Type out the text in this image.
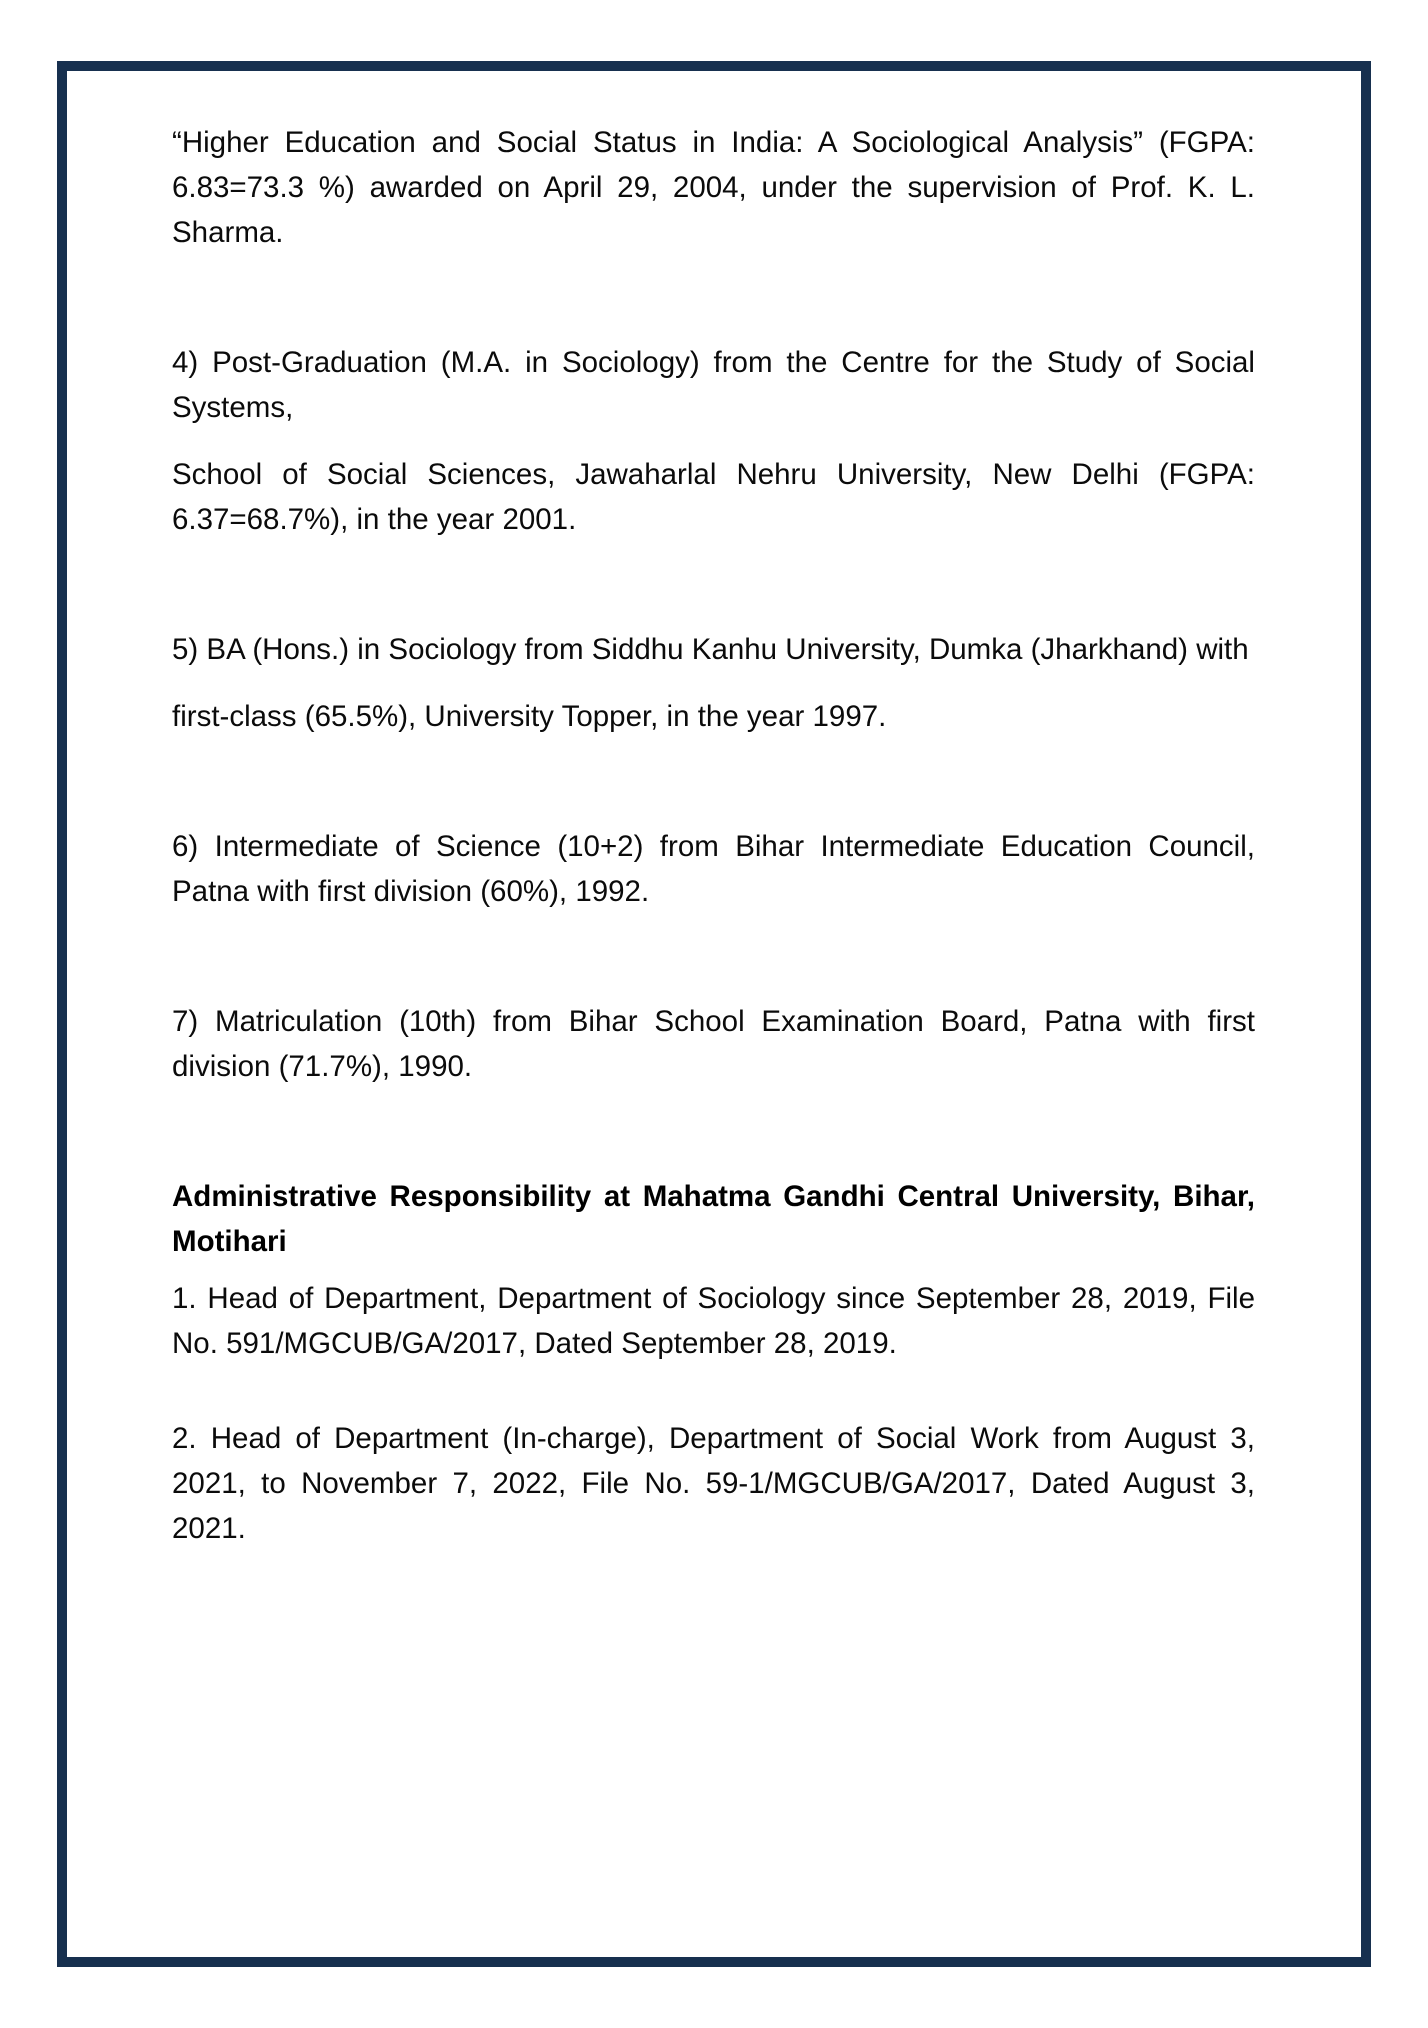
“Higher Education and Social Status in India: A Sociological Analysis” (FGPA: 6.83=73.3 %) awarded on April 29, 2004, under the supervision of Prof. K. L. Sharma.

4) Post-Graduation (M.A. in Sociology) from the Centre for the Study of Social Systems,

School of Social Sciences, Jawaharlal Nehru University, New Delhi (FGPA: 6.37=68.7%), in the year 2001.

5) BA (Hons.) in Sociology from Siddhu Kanhu University, Dumka (Jharkhand) with

first-class (65.5%), University Topper, in the year 1997.

6) Intermediate of Science (10+2) from Bihar Intermediate Education Council, Patna with first division (60%), 1992.

7) Matriculation (10th) from Bihar School Examination Board, Patna with first division (71.7%), 1990.

Administrative Responsibility at Mahatma Gandhi Central University, Bihar, Motihari

1. Head of Department, Department of Sociology since September 28, 2019, File No. 591/MGCUB/GA/2017, Dated September 28, 2019.

2. Head of Department (In-charge), Department of Social Work from August 3, 2021, to November 7, 2022, File No. 59-1/MGCUB/GA/2017, Dated August 3, 2021.
